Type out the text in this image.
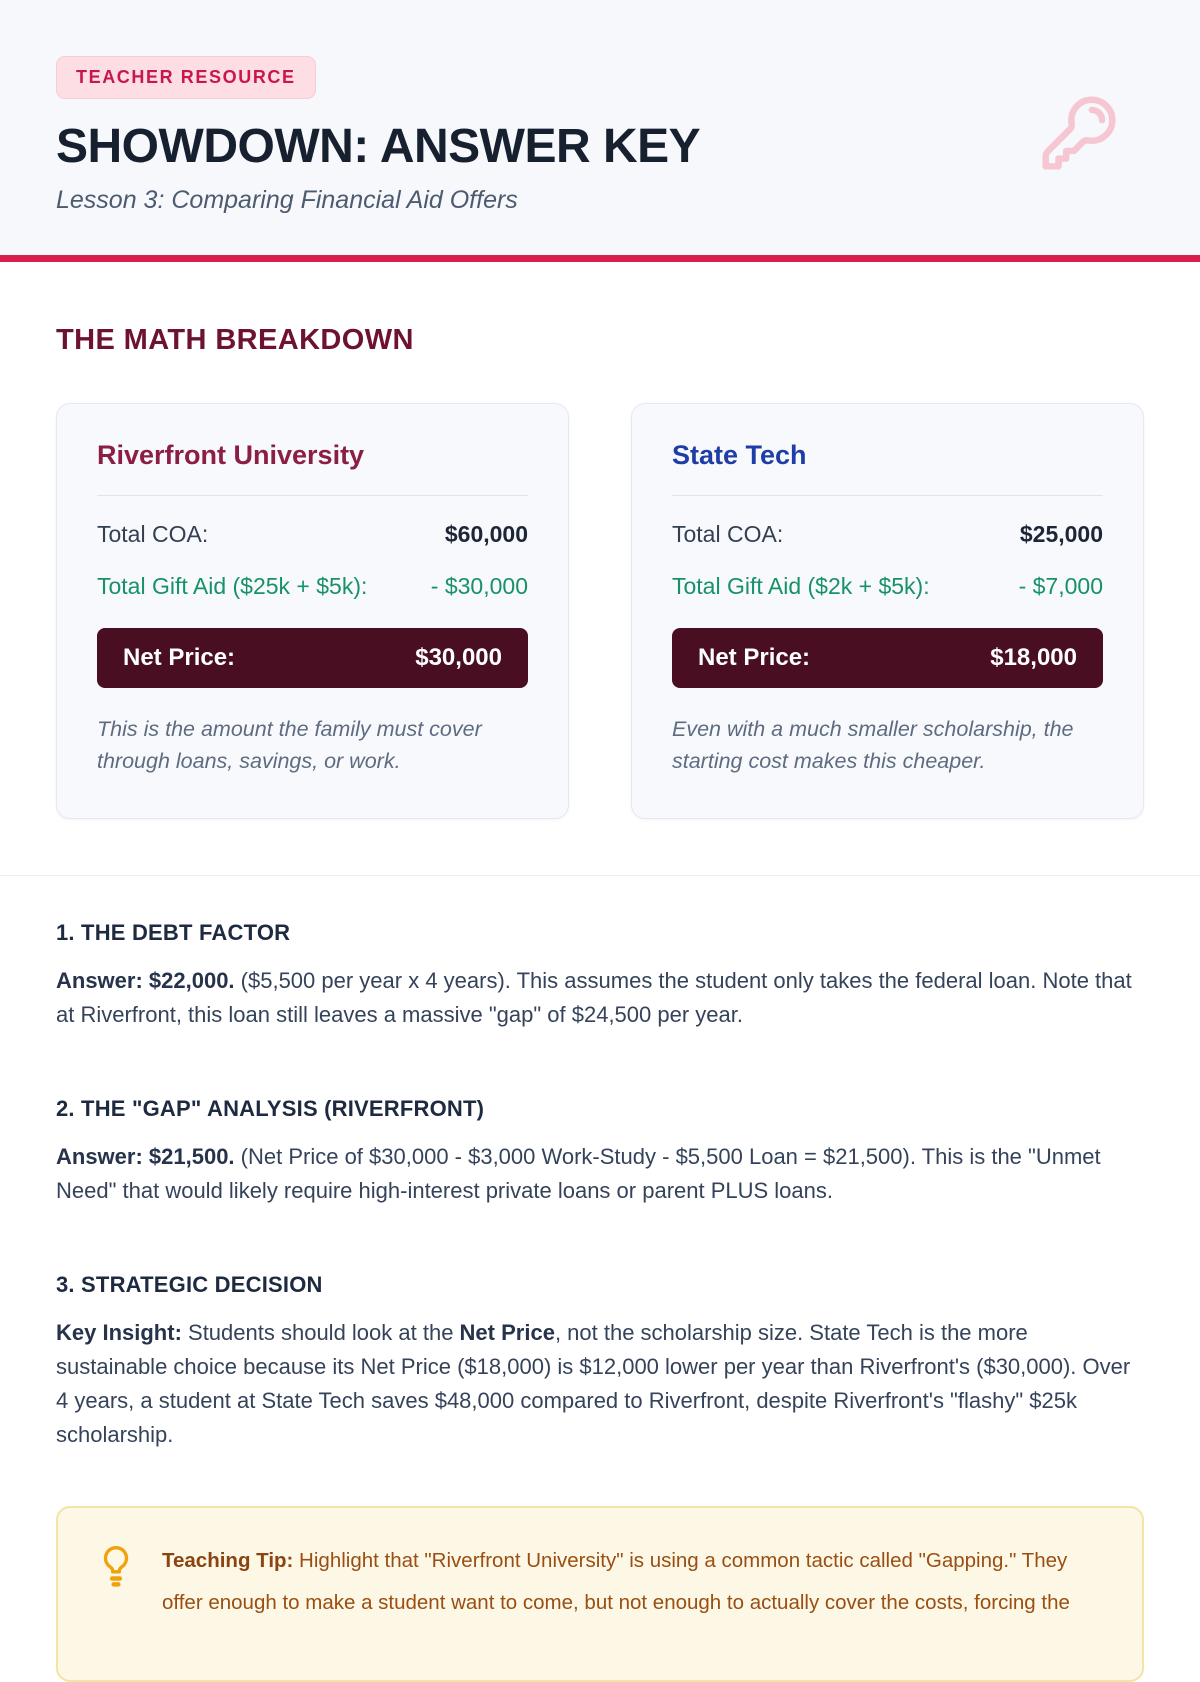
TEACHER RESOURCE
SHOWDOWN: ANSWER KEY

Lesson 3: Comparing Financial Aid Offers

THE MATH BREAKDOWN
Riverfront University
Total COA:	$60,000
Total Gift Aid ($25k + $5k):	- $30,000
Net Price:	$30,000

This is the amount the family must cover through loans, savings, or work.

State Tech
Total COA:	$25,000
Total Gift Aid ($2k + $5k):	- $7,000
Net Price:	$18,000

Even with a much smaller scholarship, the starting cost makes this cheaper.

1. THE DEBT FACTOR

Answer: $22,000. ($5,500 per year x 4 years). This assumes the student only takes the federal loan. Note that at Riverfront, this loan still leaves a massive "gap" of $24,500 per year.

2. THE "GAP" ANALYSIS (RIVERFRONT)

Answer: $21,500. (Net Price of $30,000 - $3,000 Work-Study - $5,500 Loan = $21,500). This is the "Unmet Need" that would likely require high-interest private loans or parent PLUS loans.

3. STRATEGIC DECISION

Key Insight: Students should look at the Net Price, not the scholarship size. State Tech is the more sustainable choice because its Net Price ($18,000) is $12,000 lower per year than Riverfront's ($30,000). Over 4 years, a student at State Tech saves $48,000 compared to Riverfront, despite Riverfront's "flashy" $25k scholarship.

Teaching Tip: Highlight that "Riverfront University" is using a common tactic called "Gapping." They offer enough to make a student want to come, but not enough to actually cover the costs, forcing the
